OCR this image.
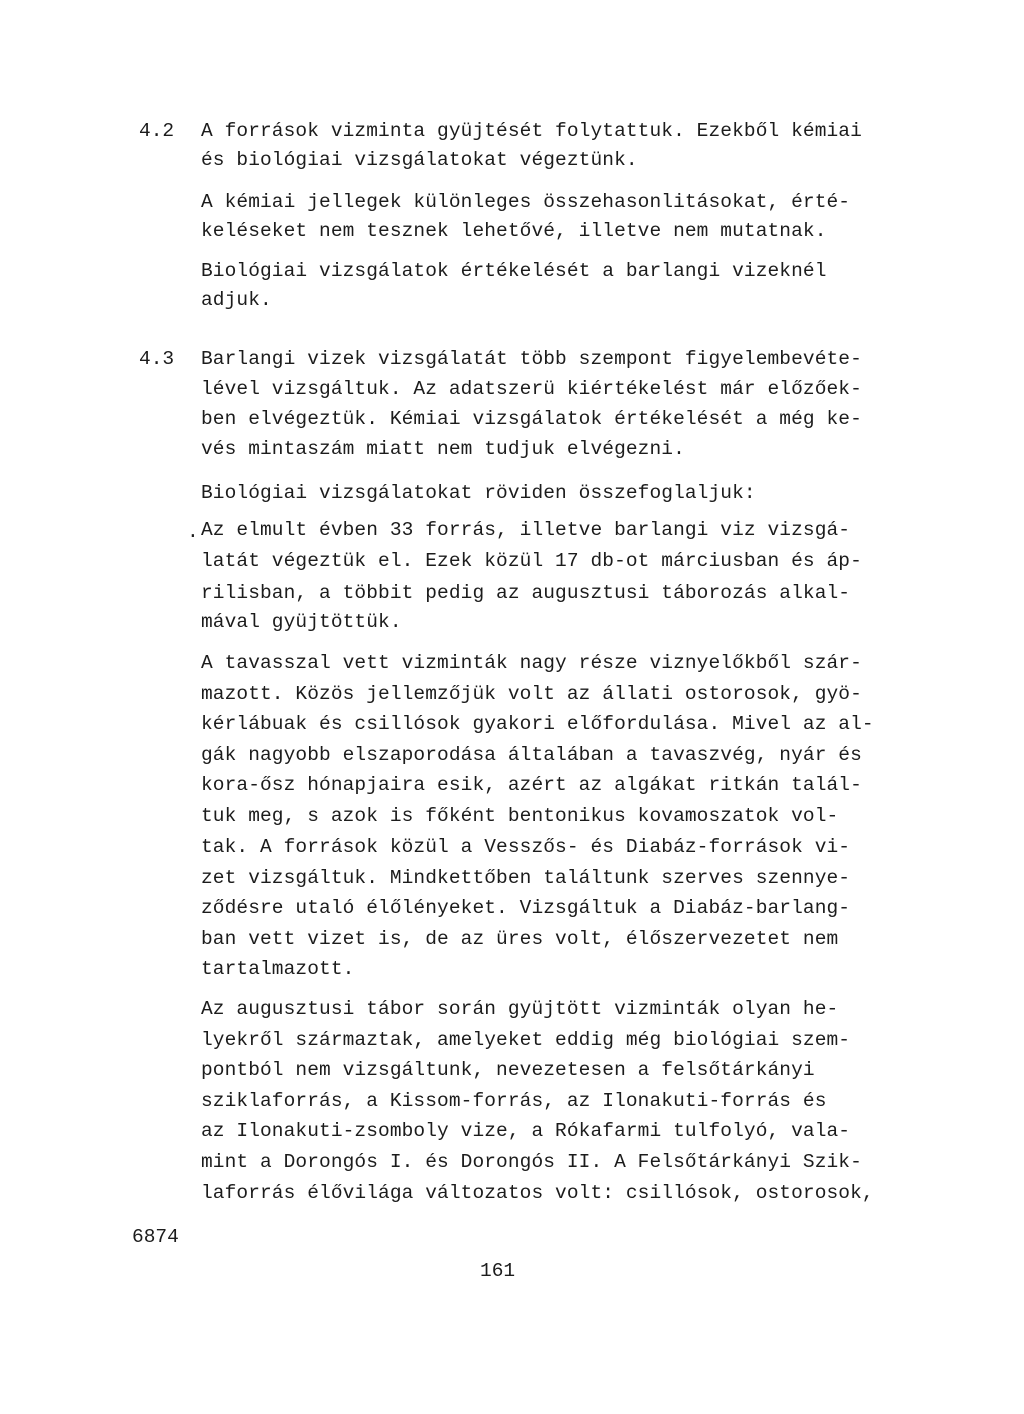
4.2 A források vizminta gyüjtését folytattuk. Ezekből kémiai
és biológiai vizsgálatokat végeztünk.
A kémiai jellegek különleges összehasonlitásokat, érté-
keléseket nem tesznek lehetővé, illetve nem mutatnak.
Biológiai vizsgálatok értékelését a barlangi vizeknél
adjuk.
4.3 Barlangi vizek vizsgálatát több szempont figyelembevéte-
lével vizsgáltuk. Az adatszerü kiértékelést már előzőek-
ben elvégeztük. Kémiai vizsgálatok értékelését a még ke-
vés mintaszám miatt nem tudjuk elvégezni.
Biológiai vizsgálatokat röviden összefoglaljuk:
. Az elmult évben 33 forrás, illetve barlangi viz vizsgá-
latát végeztük el. Ezek közül 17 db-ot márciusban és áp-
rilisban, a többit pedig az augusztusi táborozás alkal-
mával gyüjtöttük.
A tavasszal vett vizminták nagy része viznyelőkből szár-
mazott. Közös jellemzőjük volt az állati ostorosok, gyö-
kérlábuak és csillósok gyakori előfordulása. Mivel az al-
gák nagyobb elszaporodása általában a tavaszvég, nyár és
kora-ősz hónapjaira esik, azért az algákat ritkán talál-
tuk meg, s azok is főként bentonikus kovamoszatok vol-
tak. A források közül a Vesszős- és Diabáz-források vi-
zet vizsgáltuk. Mindkettőben találtunk szerves szennye-
ződésre utaló élőlényeket. Vizsgáltuk a Diabáz-barlang-
ban vett vizet is, de az üres volt, élőszervezetet nem
tartalmazott.
Az augusztusi tábor során gyüjtött vizminták olyan he-
lyekről származtak, amelyeket eddig még biológiai szem-
pontból nem vizsgáltunk, nevezetesen a felsőtárkányi
sziklaforrás, a Kissom-forrás, az Ilonakuti-forrás és
az Ilonakuti-zsomboly vize, a Rókafarmi tulfolyó, vala-
mint a Dorongós I. és Dorongós II. A Felsőtárkányi Szik-
laforrás élővilága változatos volt: csillósok, ostorosok,
6874
161
